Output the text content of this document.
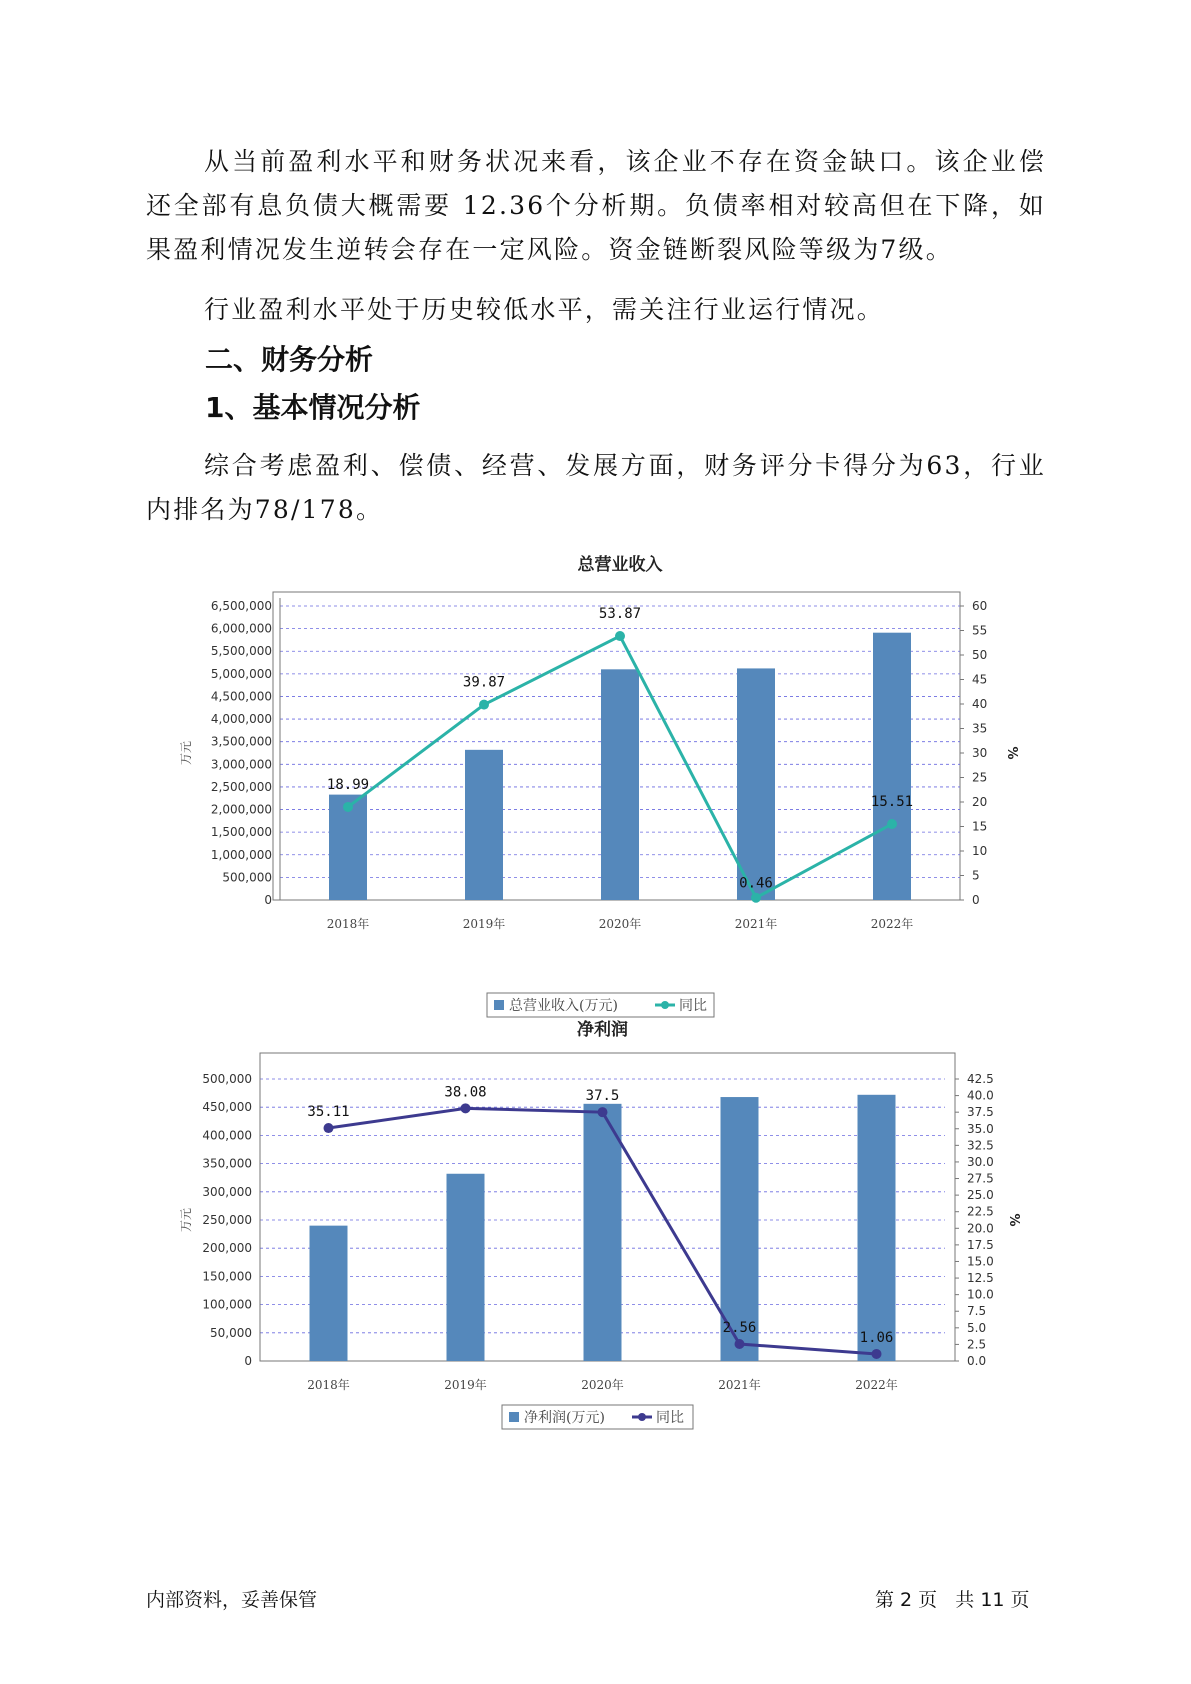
从当前盈利水平和财务状况来看，该企业不存在资金缺口。该企业偿还全部有息负债大概需要 12.36个分析期。负债率相对较高但在下降，如果盈利情况发生逆转会存在一定风险。资金链断裂风险等级为7级。

行业盈利水平处于历史较低水平，需关注行业运行情况。

二、财务分析
1、基本情况分析

综合考虑盈利、偿债、经营、发展方面，财务评分卡得分为63，行业内排名为78/178。

总营业收入
0
500,000
1,000,000
1,500,000
2,000,000
2,500,000
3,000,000
3,500,000
4,000,000
4,500,000
5,000,000
5,500,000
6,000,000
6,500,000
0
5
10
15
20
25
30
35
40
45
50
55
60
万元	%
2018年	2019年	2020年	2021年	2022年
18.99
39.87
53.87
0.46
15.51
总营业收入(万元)	同比
净利润
0
50,000
100,000
150,000
200,000
250,000
300,000
350,000
400,000
450,000
500,000
0.0
2.5
5.0
7.5
10.0
12.5
15.0
17.5
20.0
22.5
25.0
27.5
30.0
32.5
35.0
37.5
40.0
42.5
万元	%
2018年	2019年	2020年	2021年	2022年
35.11
38.08	37.5
2.56
1.06
净利润(万元)	同比
内部资料，妥善保管	第 2 页   共 11 页
